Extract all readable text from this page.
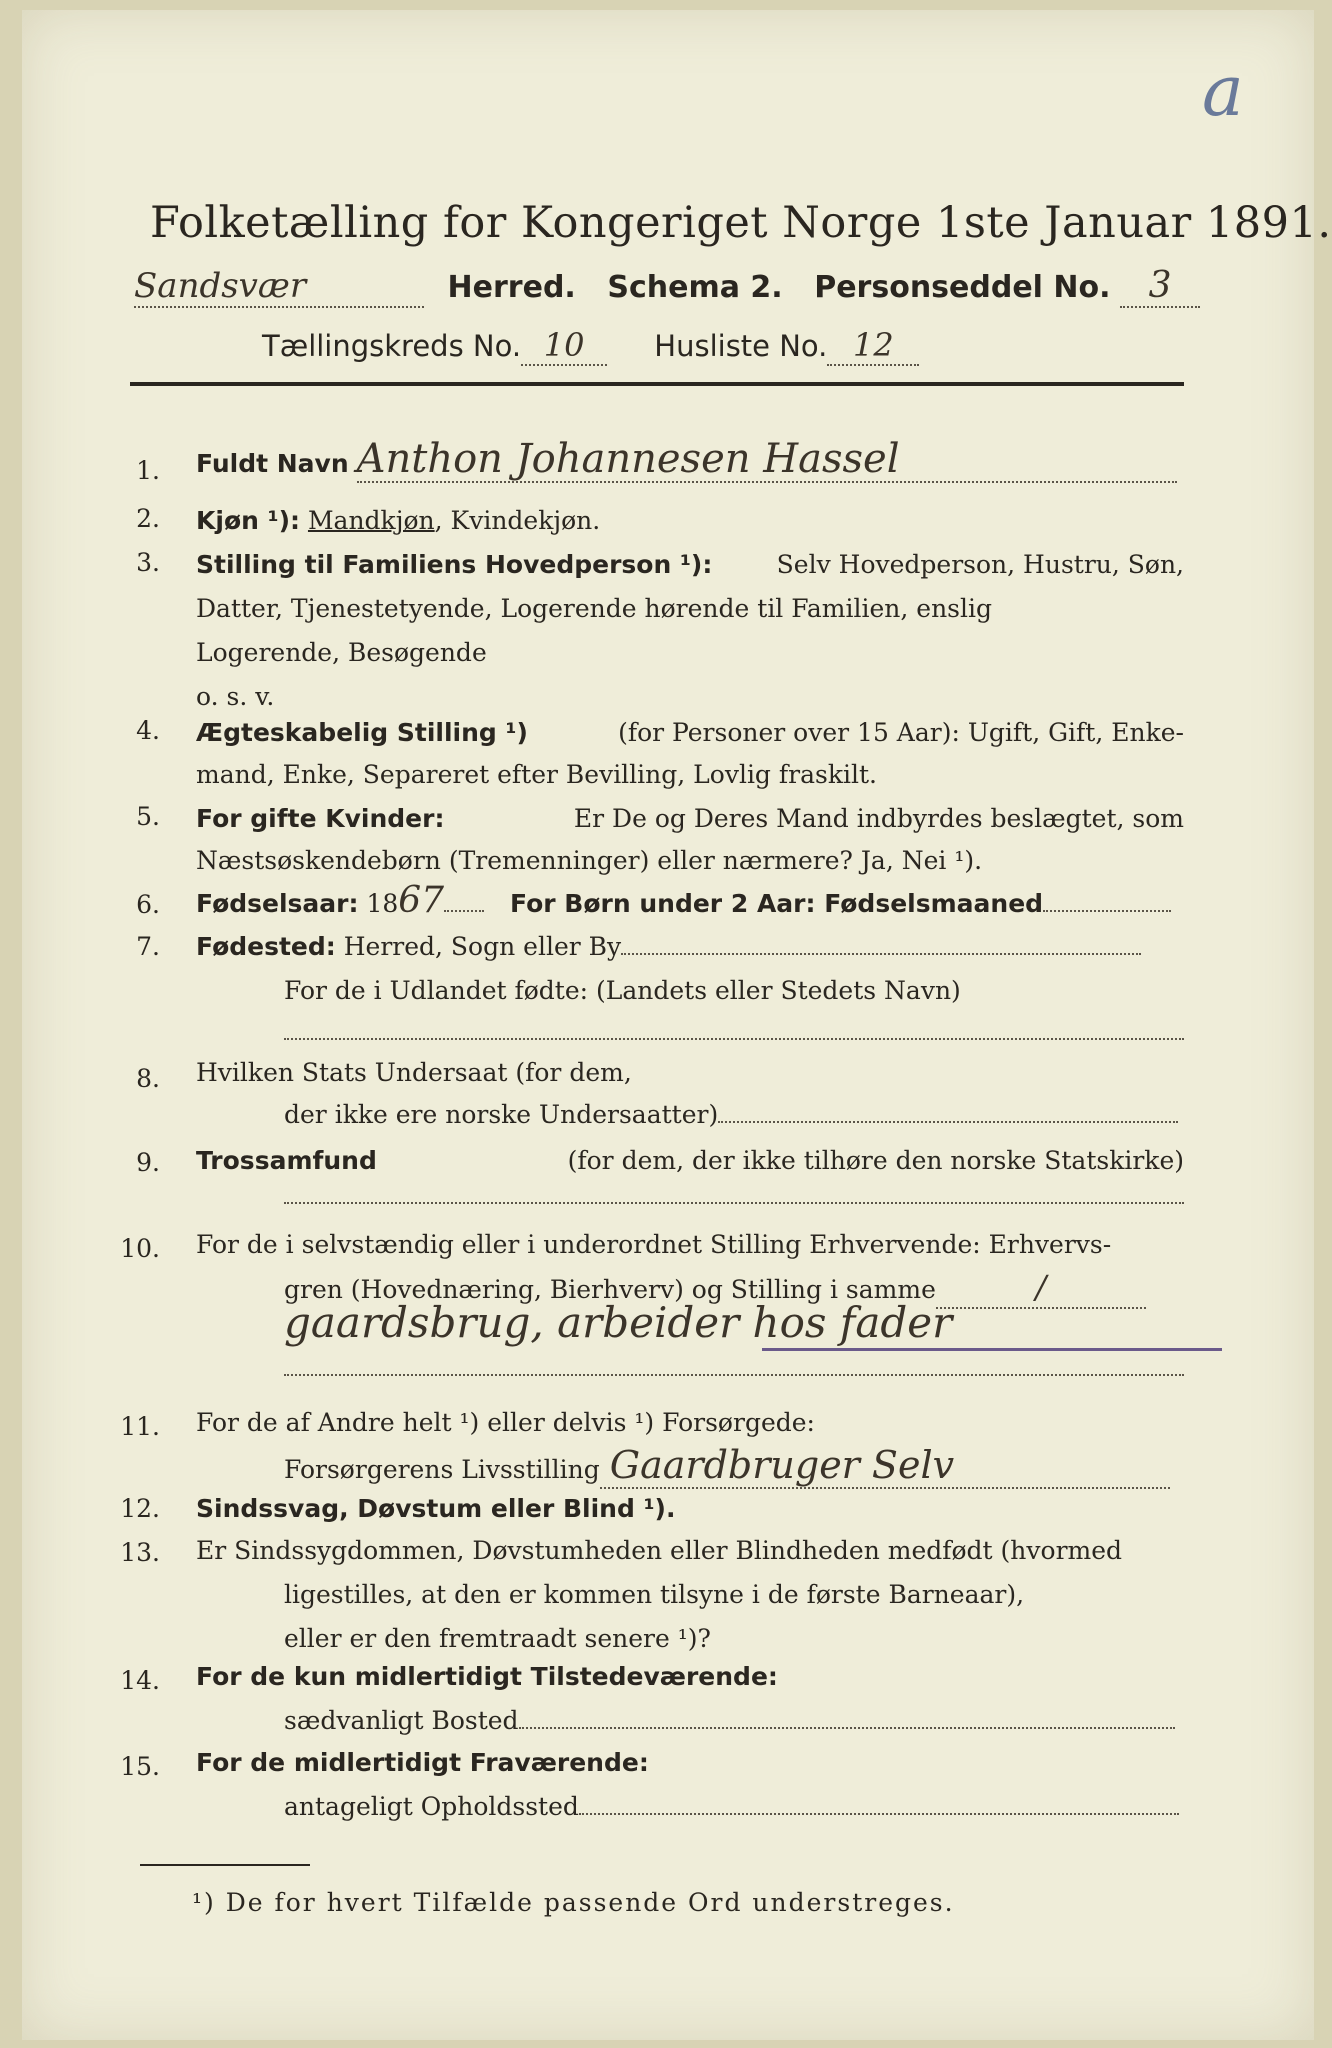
a
Folketælling for Kongeriget Norge 1ste Januar 1891.
Sandsvær	Herred. Schema 2. Personseddel No. 3
Tællingskreds No. 10 Husliste No. 12
1. Fuldt Navn Anthon Johannesen Hassel
2. Kjøn ¹): Mandkjøn, Kvindekjøn.
3. Stilling til Familiens Hovedperson ¹):	Selv Hovedperson, Hustru, Søn,
Datter, Tjenestetyende, Logerende hørende til Familien, enslig
Logerende, Besøgende
o. s. v.
4. Ægteskabelig Stilling ¹)	(for Personer over 15 Aar): Ugift, Gift, Enke-
mand, Enke, Separeret efter Bevilling, Lovlig fraskilt.
5. For gifte Kvinder:	Er De og Deres Mand indbyrdes beslægtet, som
Næstsøskendebørn (Tremenninger) eller nærmere? Ja, Nei ¹).
6. Fødselsaar: 1867	For Børn under 2 Aar: Fødselsmaaned
7. Fødested: Herred, Sogn eller By
For de i Udlandet fødte: (Landets eller Stedets Navn)
8. Hvilken Stats Undersaat (for dem,
der ikke ere norske Undersaatter)
9. Trossamfund	(for dem, der ikke tilhøre den norske Statskirke)
10. For de i selvstændig eller i underordnet Stilling Erhvervende: Erhvervs-
gren (Hovednæring, Bierhverv) og Stilling i samme	/
gaardsbrug, arbeider hos fader
11. For de af Andre helt ¹) eller delvis ¹) Forsørgede:
Forsørgerens Livsstilling Gaardbruger Selv
12. Sindssvag, Døvstum eller Blind ¹).
13. Er Sindssygdommen, Døvstumheden eller Blindheden medfødt (hvormed
ligestilles, at den er kommen tilsyne i de første Barneaar),
eller er den fremtraadt senere ¹)?
14. For de kun midlertidigt Tilstedeværende:
sædvanligt Bosted
15. For de midlertidigt Fraværende:
antageligt Opholdssted
¹) De for hvert Tilfælde passende Ord understreges.
